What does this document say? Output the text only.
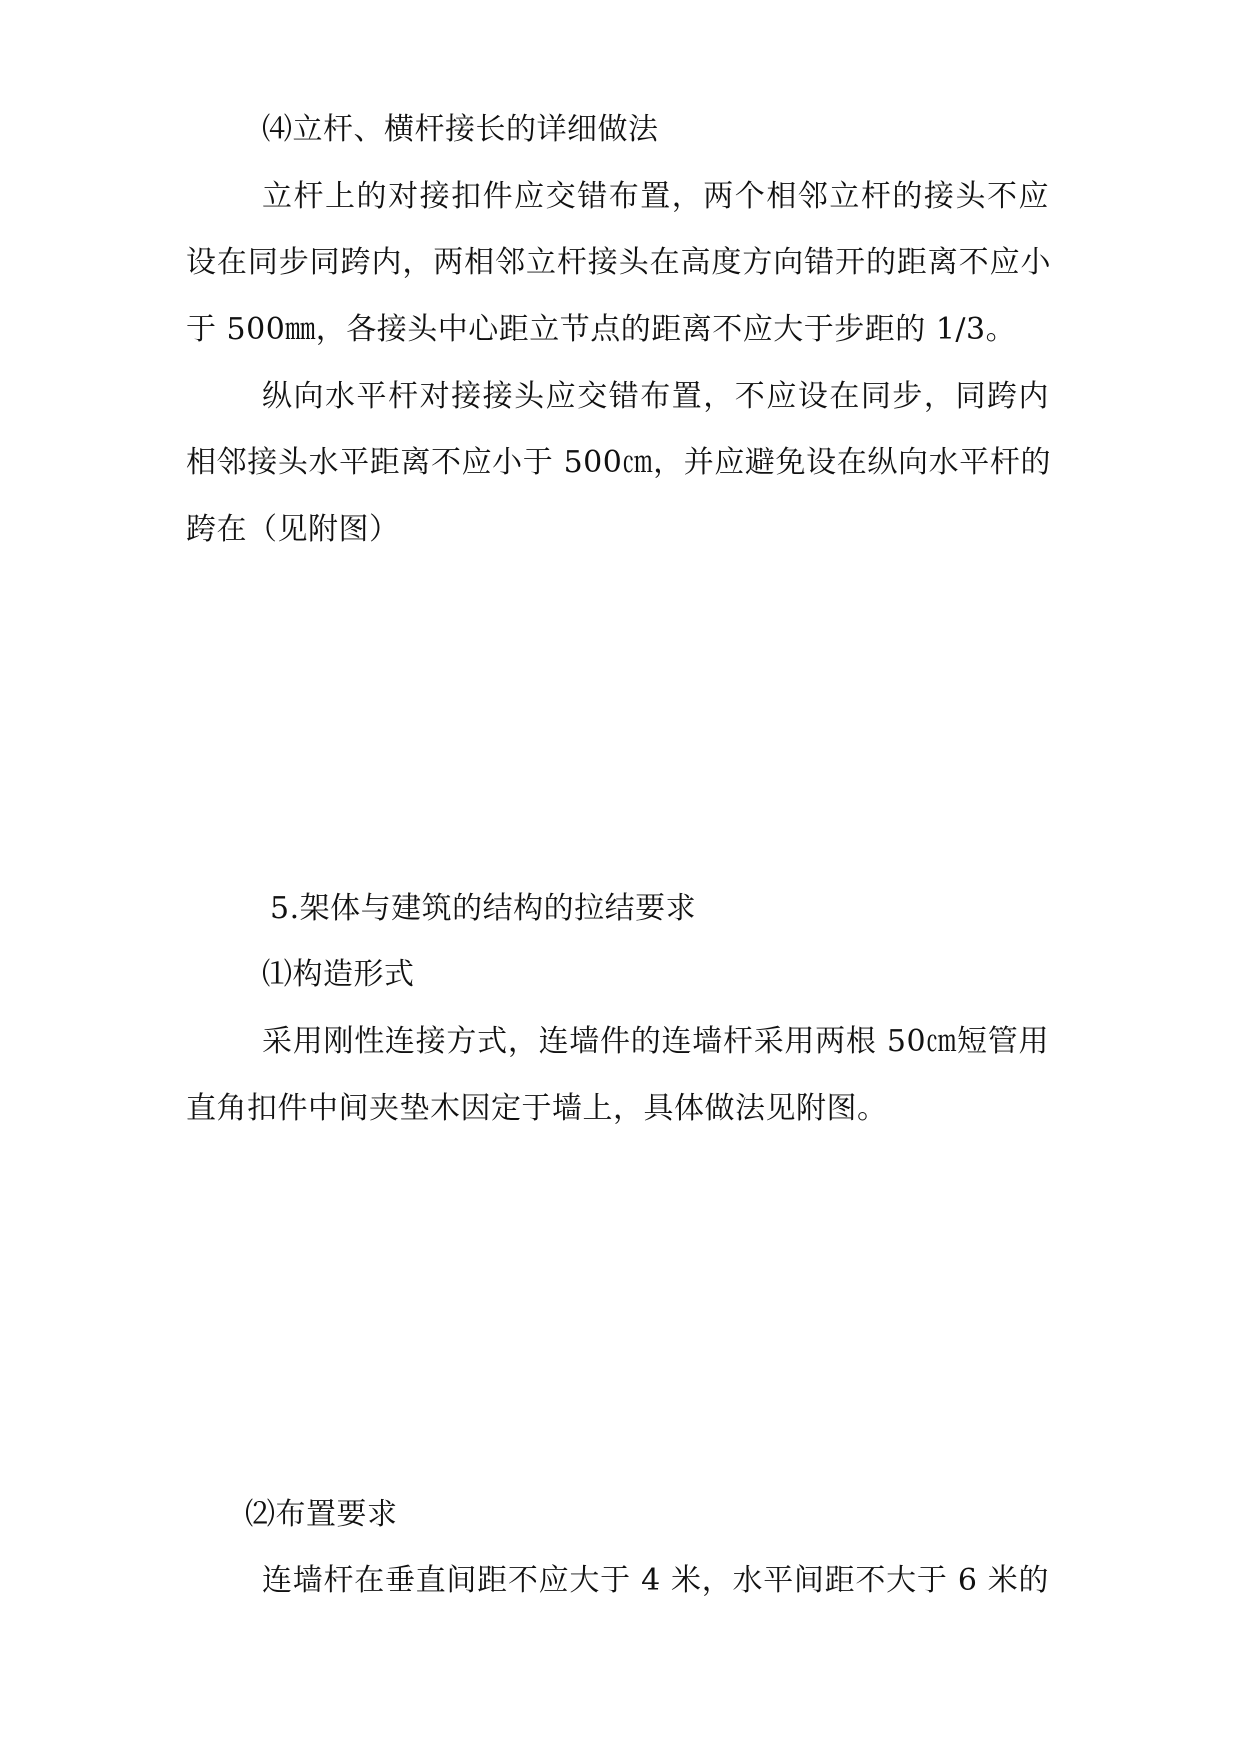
⑷立杆、横杆接长的详细做法

立杆上的对接扣件应交错布置，两个相邻立杆的接头不应

设在同步同跨内，两相邻立杆接头在高度方向错开的距离不应小

于 500㎜，各接头中心距立节点的距离不应大于步距的 1/3。

纵向水平杆对接接头应交错布置，不应设在同步，同跨内

相邻接头水平距离不应小于 500㎝，并应避免设在纵向水平杆的

跨在（见附图）

5.架体与建筑的结构的拉结要求

⑴构造形式

采用刚性连接方式，连墙件的连墙杆采用两根 50㎝短管用

直角扣件中间夹垫木因定于墙上，具体做法见附图。

⑵布置要求

连墙杆在垂直间距不应大于 4 米，水平间距不大于 6 米的
